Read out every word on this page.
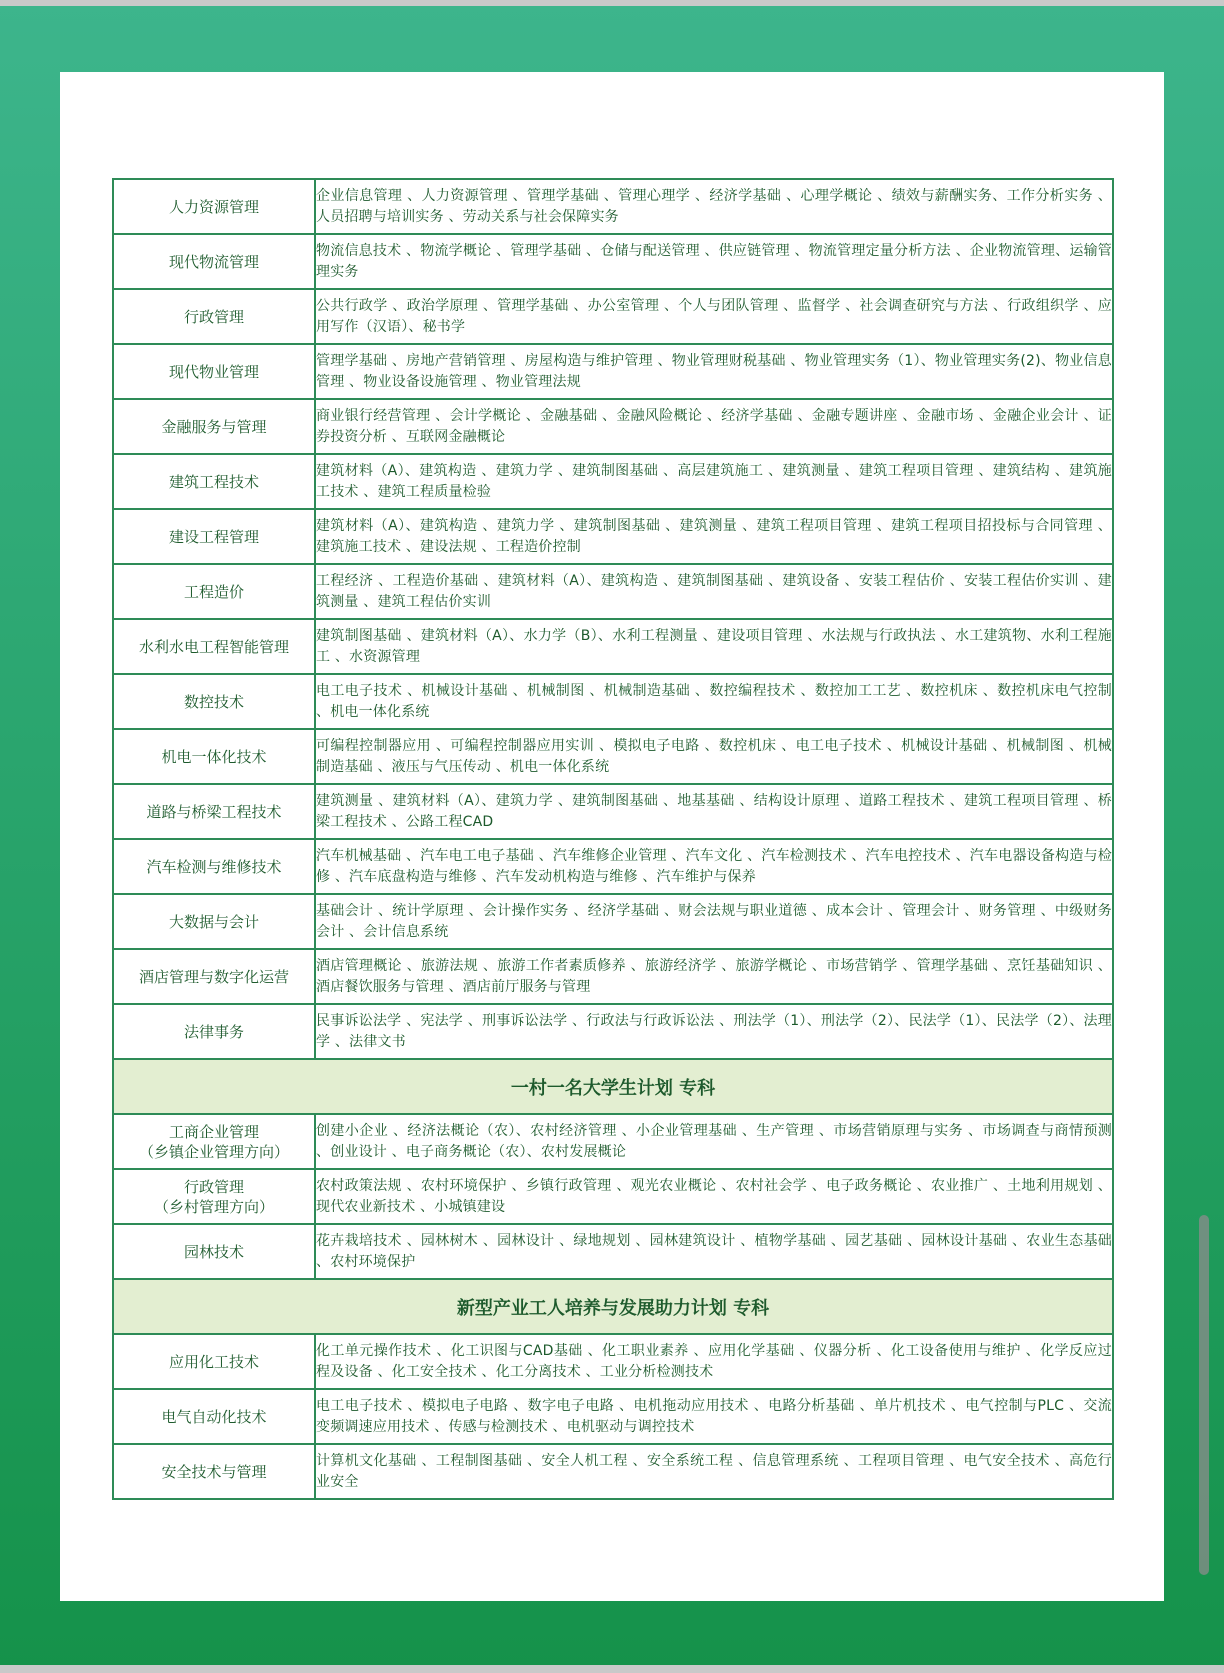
人力资源管理	企业信息管理 、人力资源管理 、管理学基础 、管理心理学 、经济学基础 、心理学概论 、绩效与薪酬实务、工作分析实务 、人员招聘与培训实务 、劳动关系与社会保障实务
现代物流管理	物流信息技术 、物流学概论 、管理学基础 、仓储与配送管理 、供应链管理 、物流管理定量分析方法 、企业物流管理、运输管理实务
行政管理	公共行政学 、政治学原理 、管理学基础 、办公室管理 、个人与团队管理 、监督学 、社会调查研究与方法 、行政组织学 、应用写作（汉语）、秘书学
现代物业管理	管理学基础 、房地产营销管理 、房屋构造与维护管理 、物业管理财税基础 、物业管理实务（1）、物业管理实务(2)、物业信息管理 、物业设备设施管理 、物业管理法规
金融服务与管理	商业银行经营管理 、会计学概论 、金融基础 、金融风险概论 、经济学基础 、金融专题讲座 、金融市场 、金融企业会计 、证券投资分析 、互联网金融概论
建筑工程技术	建筑材料（A）、建筑构造 、建筑力学 、建筑制图基础 、高层建筑施工 、建筑测量 、建筑工程项目管理 、建筑结构 、建筑施工技术 、建筑工程质量检验
建设工程管理	建筑材料（A）、建筑构造 、建筑力学 、建筑制图基础 、建筑测量 、建筑工程项目管理 、建筑工程项目招投标与合同管理 、建筑施工技术 、建设法规 、工程造价控制
工程造价	工程经济 、工程造价基础 、建筑材料（A）、建筑构造 、建筑制图基础 、建筑设备 、安装工程估价 、安装工程估价实训 、建筑测量 、建筑工程估价实训
水利水电工程智能管理	建筑制图基础 、建筑材料（A）、水力学（B）、水利工程测量 、建设项目管理 、水法规与行政执法 、水工建筑物、水利工程施工 、水资源管理
数控技术	电工电子技术 、机械设计基础 、机械制图 、机械制造基础 、数控编程技术 、数控加工工艺 、数控机床 、数控机床电气控制 、机电一体化系统
机电一体化技术	可编程控制器应用 、可编程控制器应用实训 、模拟电子电路 、数控机床 、电工电子技术 、机械设计基础 、机械制图 、机械制造基础 、液压与气压传动 、机电一体化系统
道路与桥梁工程技术	建筑测量 、建筑材料（A）、建筑力学 、建筑制图基础 、地基基础 、结构设计原理 、道路工程技术 、建筑工程项目管理 、桥梁工程技术 、公路工程CAD
汽车检测与维修技术	汽车机械基础 、汽车电工电子基础 、汽车维修企业管理 、汽车文化 、汽车检测技术 、汽车电控技术 、汽车电器设备构造与检修 、汽车底盘构造与维修 、汽车发动机构造与维修 、汽车维护与保养
大数据与会计	基础会计 、统计学原理 、会计操作实务 、经济学基础 、财会法规与职业道德 、成本会计 、管理会计 、财务管理 、中级财务会计 、会计信息系统
酒店管理与数字化运营	酒店管理概论 、旅游法规 、旅游工作者素质修养 、旅游经济学 、旅游学概论 、市场营销学 、管理学基础 、烹饪基础知识 、酒店餐饮服务与管理 、酒店前厅服务与管理
法律事务	民事诉讼法学 、宪法学 、刑事诉讼法学 、行政法与行政诉讼法 、刑法学（1）、刑法学（2）、民法学（1）、民法学（2）、法理学 、法律文书
一村一名大学生计划 专科	

工商企业管理
（乡镇企业管理方向）	创建小企业 、经济法概论（农）、农村经济管理 、小企业管理基础 、生产管理 、市场营销原理与实务 、市场调查与商情预测 、创业设计 、电子商务概论（农）、农村发展概论

行政管理
（乡村管理方向）	农村政策法规 、农村环境保护 、乡镇行政管理 、观光农业概论 、农村社会学 、电子政务概论 、农业推广 、土地利用规划 、现代农业新技术 、小城镇建设
园林技术	花卉栽培技术 、园林树木 、园林设计 、绿地规划 、园林建筑设计 、植物学基础 、园艺基础 、园林设计基础 、农业生态基础 、农村环境保护
新型产业工人培养与发展助力计划 专科	
应用化工技术	化工单元操作技术 、化工识图与CAD基础 、化工职业素养 、应用化学基础 、仪器分析 、化工设备使用与维护 、化学反应过程及设备 、化工安全技术 、化工分离技术 、工业分析检测技术
电气自动化技术	电工电子技术 、模拟电子电路 、数字电子电路 、电机拖动应用技术 、电路分析基础 、单片机技术 、电气控制与PLC 、交流变频调速应用技术 、传感与检测技术 、电机驱动与调控技术
安全技术与管理	计算机文化基础 、工程制图基础 、安全人机工程 、安全系统工程 、信息管理系统 、工程项目管理 、电气安全技术 、高危行业安全
